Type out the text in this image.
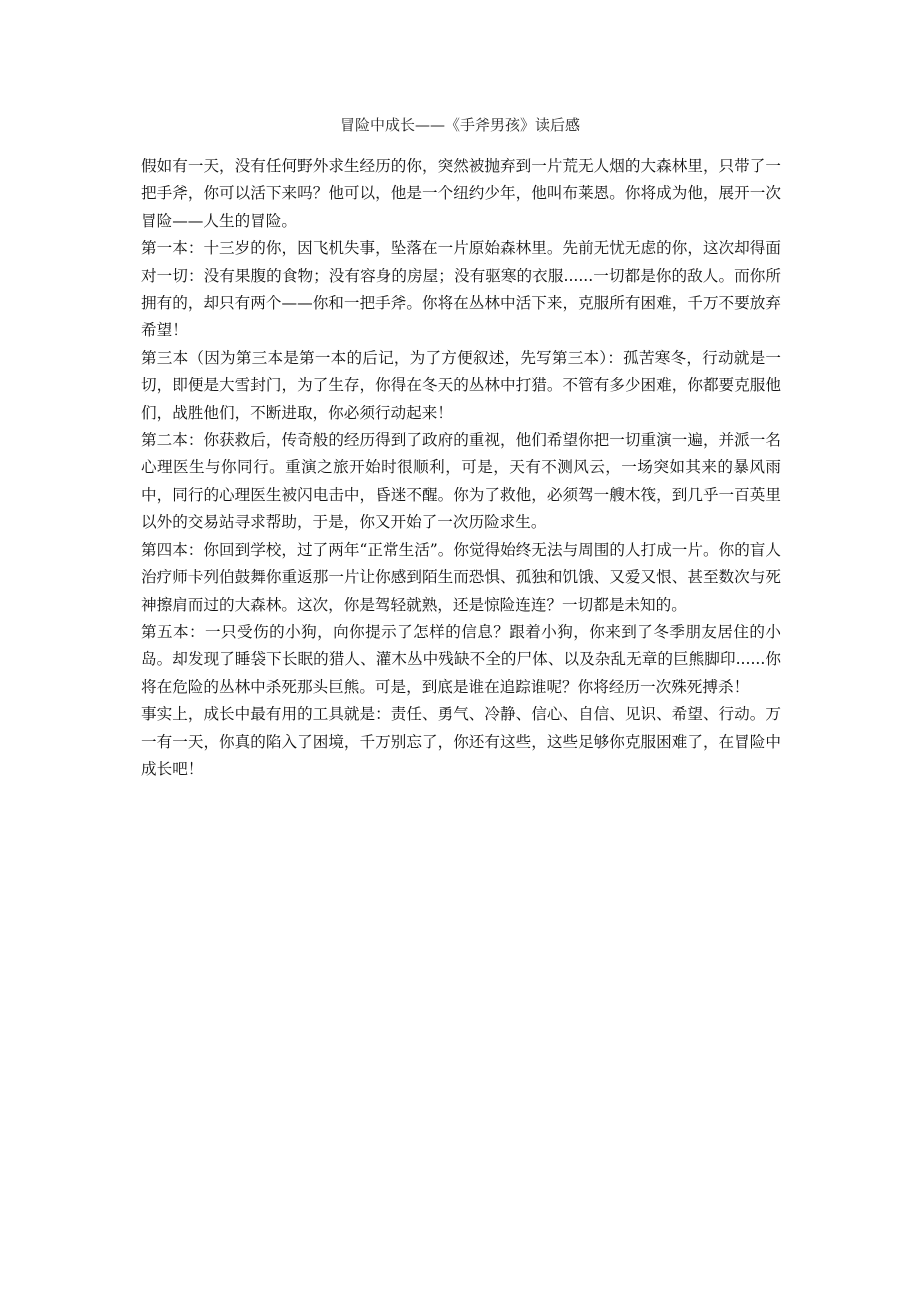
冒险中成长——《手斧男孩》读后感

假如有一天，没有任何野外求生经历的你，突然被抛弃到一片荒无人烟的大森林里，只带了一把手斧，你可以活下来吗？他可以，他是一个纽约少年，他叫布莱恩。你将成为他，展开一次冒险——人生的冒险。

第一本：十三岁的你，因飞机失事，坠落在一片原始森林里。先前无忧无虑的你，这次却得面对一切：没有果腹的食物；没有容身的房屋；没有驱寒的衣服......一切都是你的敌人。而你所拥有的，却只有两个——你和一把手斧。你将在丛林中活下来，克服所有困难，千万不要放弃希望！

第三本（因为第三本是第一本的后记，为了方便叙述，先写第三本）：孤苦寒冬，行动就是一切，即便是大雪封门，为了生存，你得在冬天的丛林中打猎。不管有多少困难，你都要克服他们，战胜他们，不断进取，你必须行动起来！

第二本：你获救后，传奇般的经历得到了政府的重视，他们希望你把一切重演一遍，并派一名心理医生与你同行。重演之旅开始时很顺利，可是，天有不测风云，一场突如其来的暴风雨中，同行的心理医生被闪电击中，昏迷不醒。你为了救他，必须驾一艘木筏，到几乎一百英里以外的交易站寻求帮助，于是，你又开始了一次历险求生。

第四本：你回到学校，过了两年“正常生活”。你觉得始终无法与周围的人打成一片。你的盲人治疗师卡列伯鼓舞你重返那一片让你感到陌生而恐惧、孤独和饥饿、又爱又恨、甚至数次与死神擦肩而过的大森林。这次，你是驾轻就熟，还是惊险连连？一切都是未知的。

第五本：一只受伤的小狗，向你提示了怎样的信息？跟着小狗，你来到了冬季朋友居住的小岛。却发现了睡袋下长眠的猎人、灌木丛中残缺不全的尸体、以及杂乱无章的巨熊脚印......你将在危险的丛林中杀死那头巨熊。可是，到底是谁在追踪谁呢？你将经历一次殊死搏杀！

事实上，成长中最有用的工具就是：责任、勇气、冷静、信心、自信、见识、希望、行动。万一有一天，你真的陷入了困境，千万别忘了，你还有这些，这些足够你克服困难了，在冒险中成长吧！
